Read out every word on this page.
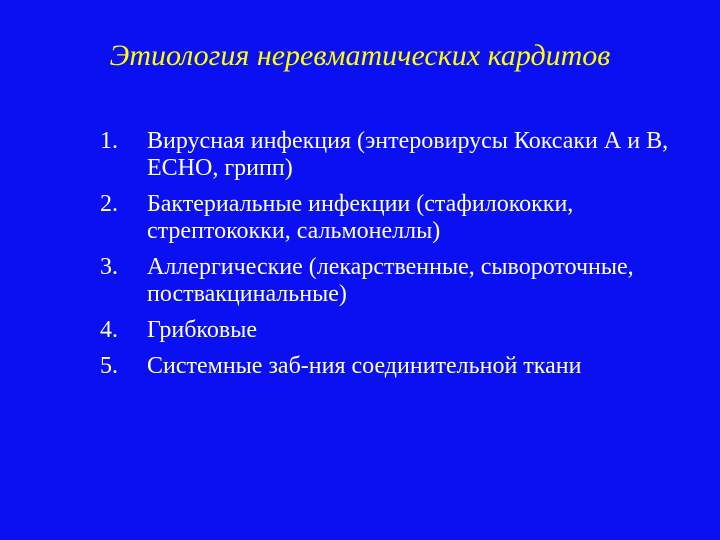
Этиология неревматических кардитов
1.	Вирусная инфекция (энтеровирусы Коксаки А и В, ECHO, грипп)
2.	Бактериальные инфекции (стафилококки, стрептококки, сальмонеллы)
3.	Аллергические (лекарственные, сывороточные, поствакцинальные)
4.	Грибковые
5.	Системные заб-ния соединительной ткани
